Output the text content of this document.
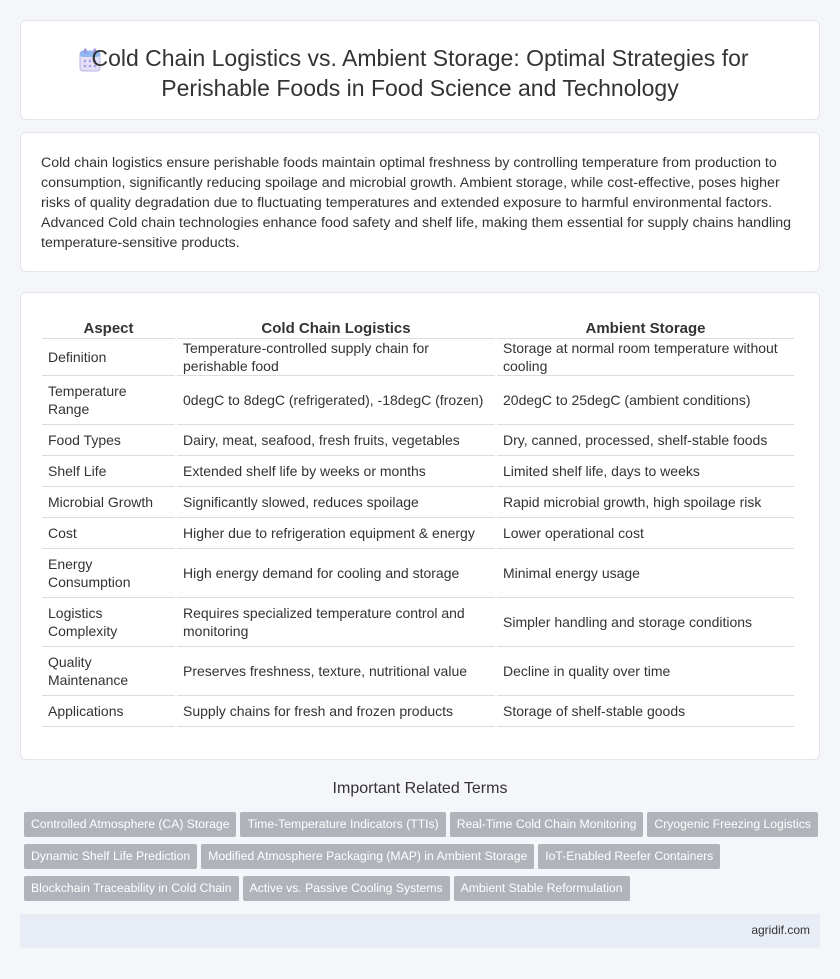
Cold Chain Logistics vs. Ambient Storage: Optimal Strategies for Perishable Foods in Food Science and Technology

Cold chain logistics ensure perishable foods maintain optimal freshness by controlling temperature from production to consumption, significantly reducing spoilage and microbial growth. Ambient storage, while cost-effective, poses higher risks of quality degradation due to fluctuating temperatures and extended exposure to harmful environmental factors. Advanced Cold chain technologies enhance food safety and shelf life, making them essential for supply chains handling temperature-sensitive products.

Aspect	Cold Chain Logistics	Ambient Storage
Definition	Temperature-controlled supply chain for perishable food	Storage at normal room temperature without cooling
Temperature Range	0degC to 8degC (refrigerated), -18degC (frozen)	20degC to 25degC (ambient conditions)
Food Types	Dairy, meat, seafood, fresh fruits, vegetables	Dry, canned, processed, shelf-stable foods
Shelf Life	Extended shelf life by weeks or months	Limited shelf life, days to weeks
Microbial Growth	Significantly slowed, reduces spoilage	Rapid microbial growth, high spoilage risk
Cost	Higher due to refrigeration equipment & energy	Lower operational cost
Energy Consumption	High energy demand for cooling and storage	Minimal energy usage
Logistics Complexity	Requires specialized temperature control and monitoring	Simpler handling and storage conditions
Quality Maintenance	Preserves freshness, texture, nutritional value	Decline in quality over time
Applications	Supply chains for fresh and frozen products	Storage of shelf-stable goods
Important Related Terms
Controlled Atmosphere (CA) Storage Time-Temperature Indicators (TTIs) Real-Time Cold Chain Monitoring Cryogenic Freezing Logistics
Dynamic Shelf Life Prediction Modified Atmosphere Packaging (MAP) in Ambient Storage IoT-Enabled Reefer Containers
Blockchain Traceability in Cold Chain Active vs. Passive Cooling Systems Ambient Stable Reformulation
agridif.com
